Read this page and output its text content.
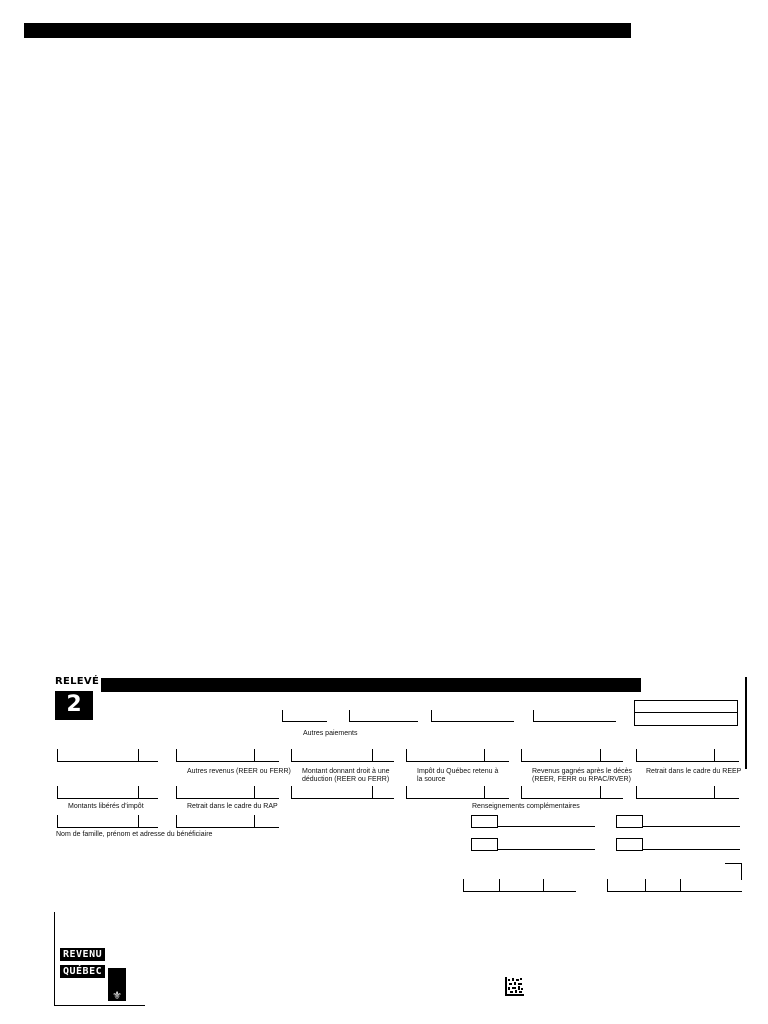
RELEVÉ
2
Autres paiements
Autres revenus (REER ou FERR) Montant donnant droit à une
déduction (REER ou FERR)
Impôt du Québec retenu à
la source
Revenus gagnés après le décès
(REER, FERR ou RPAC/RVER)
Retrait dans le cadre du REEP
Montants libérés d'impôt	Retrait dans le cadre du RAP	Renseignements complémentaires
Nom de famille, prénom et adresse du bénéficiaire
REVENU
QUÉBEC
⚜
